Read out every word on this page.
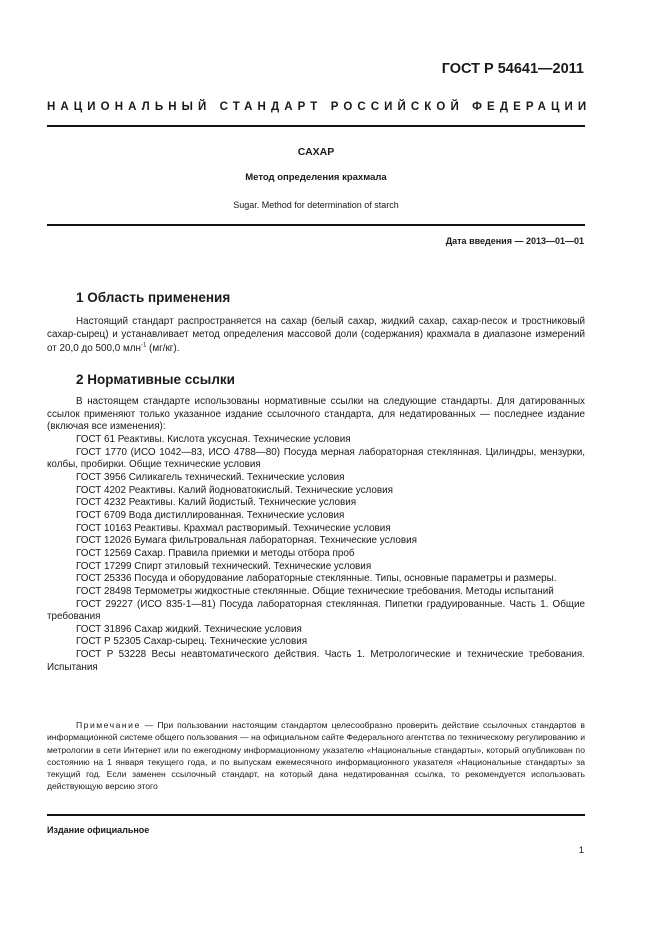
ГОСТ Р 54641—2011
НАЦИОНАЛЬНЫЙ СТАНДАРТ РОССИЙСКОЙ ФЕДЕРАЦИИ
САХАР
Метод определения крахмала
Sugar. Method for determination of starch
Дата введения — 2013—01—01
1 Область применения

Настоящий стандарт распространяется на сахар (белый сахар, жидкий сахар, сахар-песок и тростниковый сахар-сырец) и устанавливает метод определения массовой доли (содержания) крахмала в диапазоне измерений от 20,0 до 500,0 млн$^{-1}$ (мг/кг).

2 Нормативные ссылки
В настоящем стандарте использованы нормативные ссылки на следующие стандарты. Для датированных ссылок применяют только указанное издание ссылочного стандарта, для недатированных — последнее издание (включая все изменения):
ГОСТ 61 Реактивы. Кислота уксусная. Технические условия
ГОСТ 1770 (ИСО 1042—83, ИСО 4788—80) Посуда мерная лабораторная стеклянная. Цилиндры, мензурки, колбы, пробирки. Общие технические условия
ГОСТ 3956 Силикагель технический. Технические условия
ГОСТ 4202 Реактивы. Калий йодноватокислый. Технические условия
ГОСТ 4232 Реактивы. Калий йодистый. Технические условия
ГОСТ 6709 Вода дистиллированная. Технические условия
ГОСТ 10163 Реактивы. Крахмал растворимый. Технические условия
ГОСТ 12026 Бумага фильтровальная лабораторная. Технические условия
ГОСТ 12569 Сахар. Правила приемки и методы отбора проб
ГОСТ 17299 Спирт этиловый технический. Технические условия
ГОСТ 25336 Посуда и оборудование лабораторные стеклянные. Типы, основные параметры и размеры.
ГОСТ 28498 Термометры жидкостные стеклянные. Общие технические требования. Методы испытаний
ГОСТ 29227 (ИСО 835-1—81) Посуда лабораторная стеклянная. Пипетки градуированные. Часть 1. Общие требования
ГОСТ 31896 Сахар жидкий. Технические условия
ГОСТ Р 52305 Сахар-сырец. Технические условия
ГОСТ Р 53228 Весы неавтоматического действия. Часть 1. Метрологические и технические требования. Испытания

Примечание — При пользовании настоящим стандартом целесообразно проверить действие ссылочных стандартов в информационной системе общего пользования — на официальном сайте Федерального агентства по техническому регулированию и метрологии в сети Интернет или по ежегодному информационному указателю «Национальные стандарты», который опубликован по состоянию на 1 января текущего года, и по выпускам ежемесячного информационного указателя «Национальные стандарты» за текущий год. Если заменен ссылочный стандарт, на который дана недатированная ссылка, то рекомендуется использовать действующую версию этого

Издание официальное
1
